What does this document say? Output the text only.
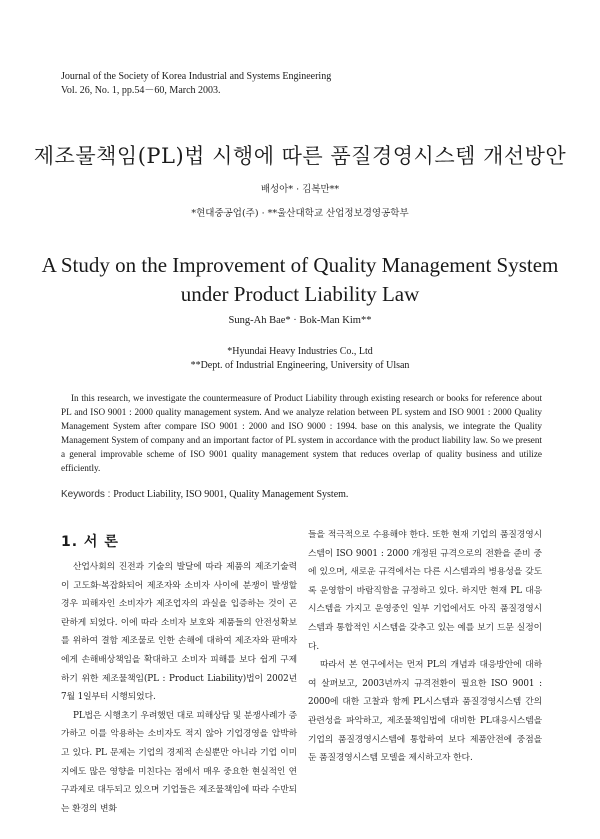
Journal of the Society of Korea Industrial and Systems Engineering
Vol. 26, No. 1, pp.54－60, March 2003.
제조물책임(PL)법 시행에 따른 품질경영시스템 개선방안
배성아* · 김복만**
*현대중공업(주) · **울산대학교 산업정보경영공학부
A Study on the Improvement of Quality Management System
under Product Liability Law
Sung-Ah Bae* · Bok-Man Kim**
*Hyundai Heavy Industries Co., Ltd
**Dept. of Industrial Engineering, University of Ulsan
In this research, we investigate the countermeasure of Product Liability through existing research or books for reference about PL and ISO 9001 : 2000 quality management system. And we analyze relation between PL system and ISO 9001 : 2000 Quality Management System after compare ISO 9001 : 2000 and ISO 9000 : 1994. base on this analysis, we integrate the Quality Management System of company and an important factor of PL system in accordance with the product liability law. So we present a general improvable scheme of ISO 9001 quality management system that reduces overlap of quality business and utilize efficiently.
Keywords : Product Liability, ISO 9001, Quality Management System.
1. 서 론

산업사회의 진전과 기술의 발달에 따라 제품의 제조기술력이 고도화·복잡화되어 제조자와 소비자 사이에 분쟁이 발생할 경우 피해자인 소비자가 제조업자의 과실을 입증하는 것이 곤란하게 되었다. 이에 따라 소비자 보호와 제품들의 안전성확보를 위하여 결함 제조물로 인한 손해에 대하여 제조자와 판매자에게 손해배상책임을 확대하고 소비자 피해를 보다 쉽게 구제하기 위한 제조물책임(PL : Product Liability)법이 2002년 7월 1일부터 시행되었다.

PL법은 시행초기 우려했던 대로 피해상담 및 분쟁사례가 증가하고 이를 악용하는 소비자도 적지 않아 기업경영을 압박하고 있다. PL 문제는 기업의 경제적 손실뿐만 아니라 기업 이미지에도 많은 영향을 미친다는 점에서 매우 중요한 현실적인 연구과제로 대두되고 있으며 기업들은 제조물책임에 따라 수반되는 환경의 변화

들을 적극적으로 수용해야 한다. 또한 현재 기업의 품질경영시스템이 ISO 9001 : 2000 개정된 규격으로의 전환을 준비 중에 있으며, 새로운 규격에서는 다른 시스템과의 병용성을 갖도록 운영함이 바람직함을 규정하고 있다. 하지만 현재 PL 대응 시스템을 가지고 운영중인 일부 기업에서도 아직 품질경영시스템과 통합적인 시스템을 갖추고 있는 예를 보기 드문 실정이다.

따라서 본 연구에서는 먼저 PL의 개념과 대응방안에 대하여 살펴보고, 2003년까지 규격전환이 필요한 ISO 9001 : 2000에 대한 고찰과 함께 PL시스템과 품질경영시스템 간의 관련성을 파악하고, 제조물책임법에 대비한 PL대응시스템을 기업의 품질경영시스템에 통합하여 보다 제품안전에 중점을 둔 품질경영시스템 모델을 제시하고자 한다.
